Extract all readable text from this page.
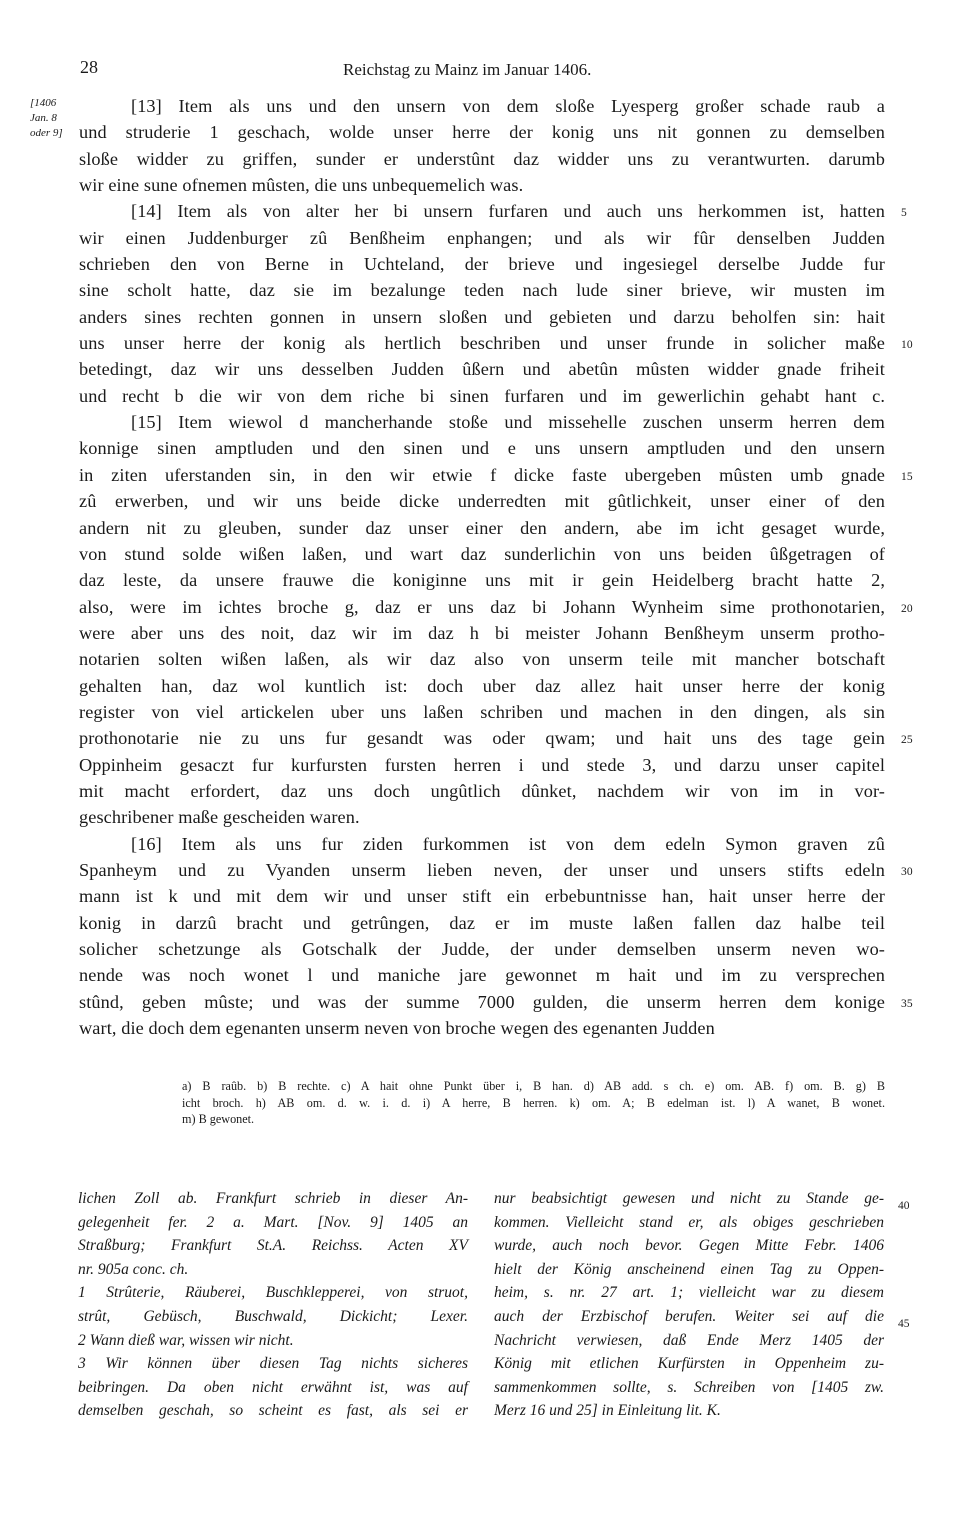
28	Reichstag zu Mainz im Januar 1406.
[1406
Jan. 8
oder 9]
[13] Item als uns und den unsern von dem sloße Lyesperg großer schade raub a
und struderie 1 geschach, wolde unser herre der konig uns nit gonnen zu demselben
sloße widder zu griffen, sunder er understûnt daz widder uns zu verantwurten. darumb
wir eine sune ofnemen mûsten, die uns unbequemelich was.
[14] Item als von alter her bi unsern furfaren und auch uns herkommen ist, hatten 5
wir einen Juddenburger zû Benßheim enphangen; und als wir fûr denselben Judden
schrieben den von Berne in Uchteland, der brieve und ingesiegel derselbe Judde fur
sine scholt hatte, daz sie im bezalunge teden nach lude siner brieve, wir musten im
anders sines rechten gonnen in unsern sloßen und gebieten und darzu beholfen sin: hait
uns unser herre der konig als hertlich beschriben und unser frunde in solicher maße 10
betedingt, daz wir uns desselben Judden ûßern und abetûn mûsten widder gnade friheit
und recht b die wir von dem riche bi sinen furfaren und im gewerlichin gehabt hant c.
[15] Item wiewol d mancherhande stoße und missehelle zuschen unserm herren dem
konnige sinen amptluden und den sinen und e uns unsern amptluden und den unsern
in ziten uferstanden sin, in den wir etwie f dicke faste ubergeben mûsten umb gnade 15
zû erwerben, und wir uns beide dicke underredten mit gûtlichkeit, unser einer of den
andern nit zu gleuben, sunder daz unser einer den andern, abe im icht gesaget wurde,
von stund solde wißen laßen, und wart daz sunderlichin von uns beiden ûßgetragen of
daz leste, da unsere frauwe die koniginne uns mit ir gein Heidelberg bracht hatte 2,
also, were im ichtes broche g, daz er uns daz bi Johann Wynheim sime prothonotarien, 20
were aber uns des noit, daz wir im daz h bi meister Johann Benßheym unserm protho-
notarien solten wißen laßen, als wir daz also von unserm teile mit mancher botschaft
gehalten han, daz wol kuntlich ist: doch uber daz allez hait unser herre der konig
register von viel artickelen uber uns laßen schriben und machen in den dingen, als sin
prothonotarie nie zu uns fur gesandt was oder qwam; und hait uns des tage gein 25
Oppinheim gesaczt fur kurfursten fursten herren i und stede 3, und darzu unser capitel
mit macht erfordert, daz uns doch ungûtlich dûnket, nachdem wir von im in vor-
geschribener maße gescheiden waren.
[16] Item als uns fur ziden furkommen ist von dem edeln Symon graven zû
Spanheym und zu Vyanden unserm lieben neven, der unser und unsers stifts edeln 30
mann ist k und mit dem wir und unser stift ein erbebuntnisse han, hait unser herre der
konig in darzû bracht und getrûngen, daz er im muste laßen fallen daz halbe teil
solicher schetzunge als Gotschalk der Judde, der under demselben unserm neven wo-
nende was noch wonet l und maniche jare gewonnet m hait und im zu versprechen
stûnd, geben mûste; und was der summe 7000 gulden, die unserm herren dem konige 35
wart, die doch dem egenanten unserm neven von broche wegen des egenanten Judden
a) B raûb. b) B rechte. c) A hait ohne Punkt über i, B han. d) AB add. s ch. e) om. AB. f) om. B. g) B
icht broch. h) AB om. d. w. i. d. i) A herre, B herren. k) om. A; B edelman ist. l) A wanet, B wonet.
m) B gewonet.
lichen Zoll ab. Frankfurt schrieb in dieser An-
gelegenheit fer. 2 a. Mart. [Nov. 9] 1405 an
Straßburg; Frankfurt St.A. Reichss. Acten XV
nr. 905a conc. ch.
1 Strûterie, Räuberei, Buschklepperei, von struot,
strût, Gebüsch, Buschwald, Dickicht; Lexer.
2 Wann dieß war, wissen wir nicht.
3 Wir können über diesen Tag nichts sicheres
beibringen. Da oben nicht erwähnt ist, was auf
demselben geschah, so scheint es fast, als sei er
nur beabsichtigt gewesen und nicht zu Stande ge-
kommen. Vielleicht stand er, als obiges geschrieben
wurde, auch noch bevor. Gegen Mitte Febr. 1406
hielt der König anscheinend einen Tag zu Oppen-
heim, s. nr. 27 art. 1; vielleicht war zu diesem
auch der Erzbischof berufen. Weiter sei auf die
Nachricht verwiesen, daß Ende Merz 1405 der
König mit etlichen Kurfürsten in Oppenheim zu-
sammenkommen sollte, s. Schreiben von [1405 zw.
Merz 16 und 25] in Einleitung lit. K.
40
45
